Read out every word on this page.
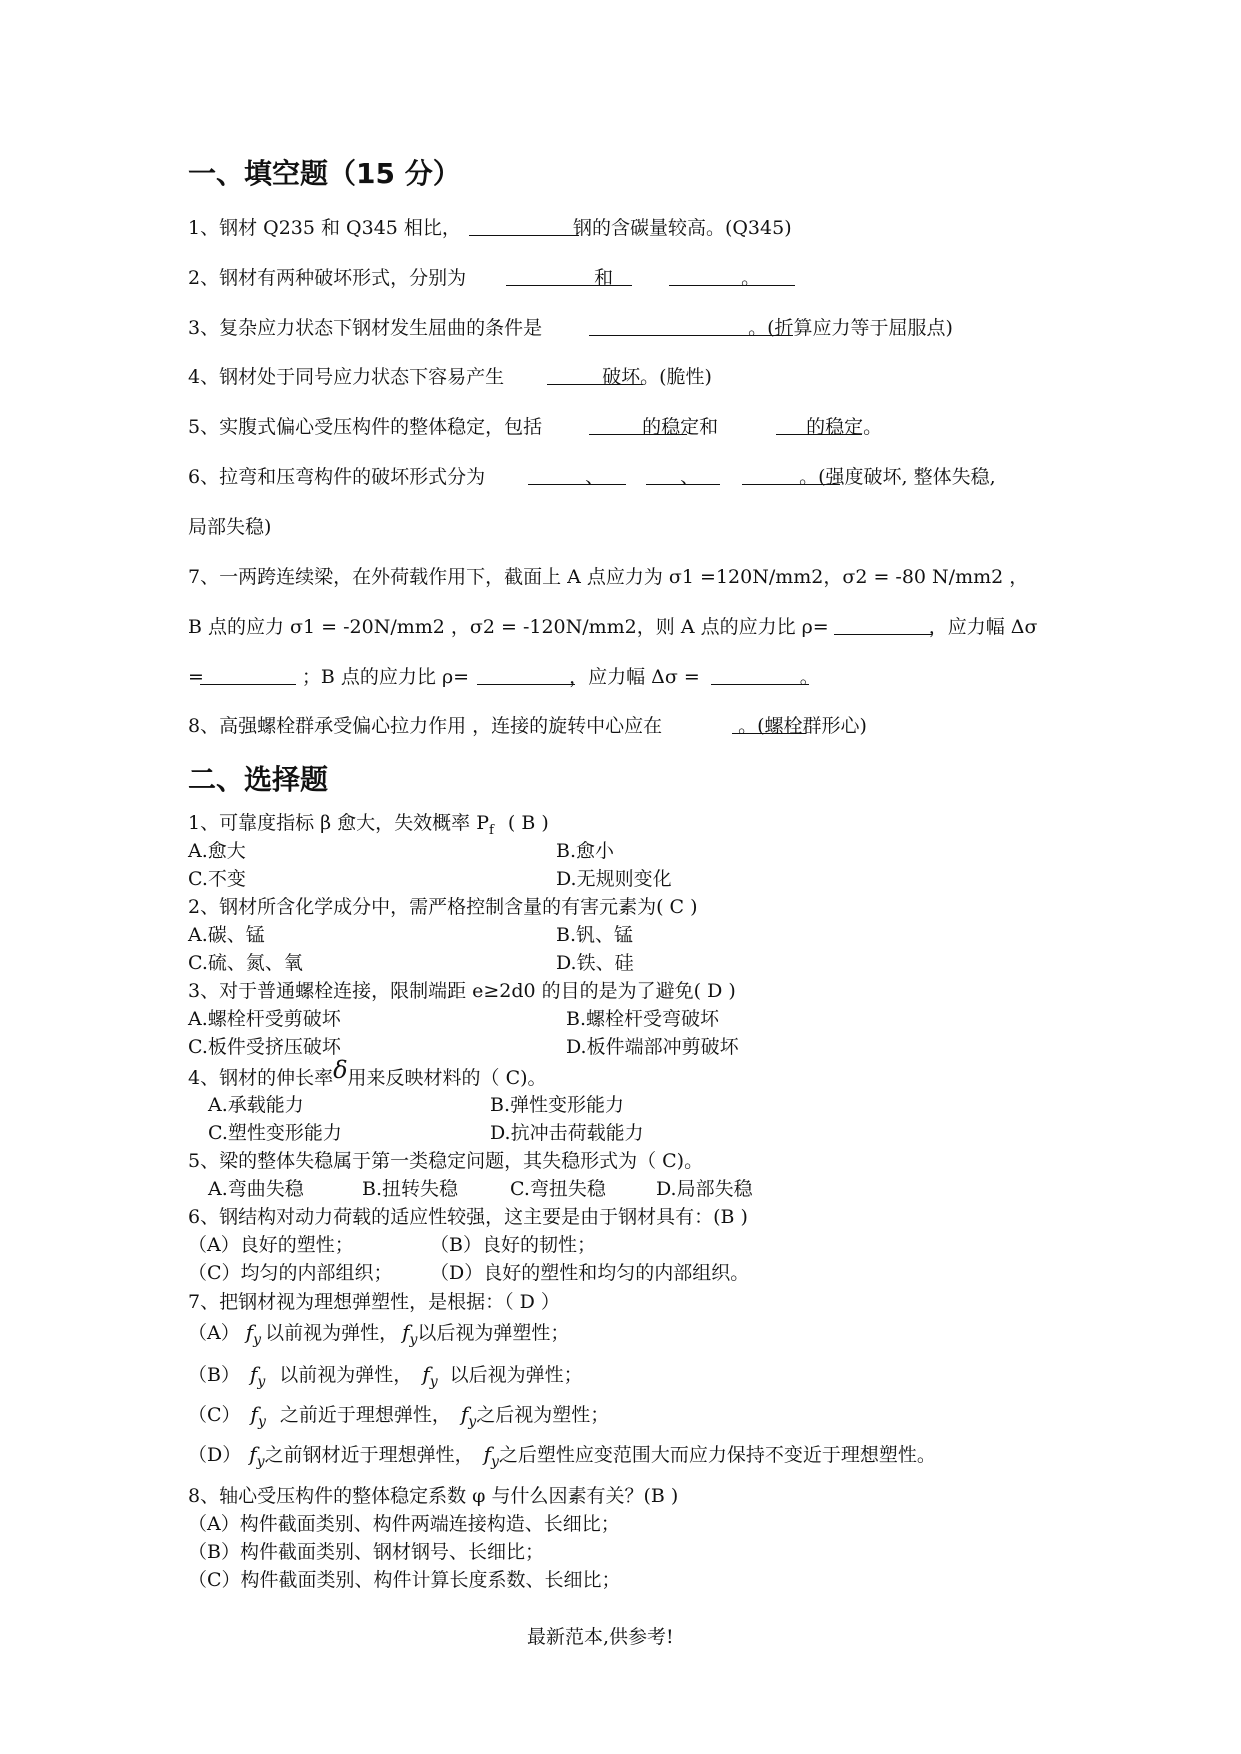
一、填空题（15 分）
1、钢材 Q235 和 Q345 相比，	钢的含碳量较高。(Q345)
2、钢材有两种破坏形式，分别为	和	。
3、复杂应力状态下钢材发生屈曲的条件是	。(折算应力等于屈服点)
4、钢材处于同号应力状态下容易产生	破坏。(脆性)
5、实腹式偏心受压构件的整体稳定，包括	的稳定和	的稳定。
6、拉弯和压弯构件的破坏形式分为	、	、	。(强度破坏, 整体失稳,
局部失稳)
7、一两跨连续梁，在外荷载作用下，截面上 A 点应力为 σ1 =120N/mm2，σ2 = -80 N/mm2 ，
B 点的应力 σ1 = -20N/mm2 ，σ2 = -120N/mm2，则 A 点的应力比 ρ=	，应力幅 Δσ
=	；B 点的应力比 ρ=	，应力幅 Δσ =	。
8、高强螺栓群承受偏心拉力作用 ，连接的旋转中心应在	。(螺栓群形心)
二、选择题
1、可靠度指标 β 愈大，失效概率 $P_f$ ( B )
A.愈大	B.愈小
C.不变	D.无规则变化
2、钢材所含化学成分中，需严格控制含量的有害元素为( C )
A.碳、锰	B.钒、锰
C.硫、氮、氧	D.铁、硅
3、对于普通螺栓连接，限制端距 e≥2d0 的目的是为了避免( D )
A.螺栓杆受剪破坏	B.螺栓杆受弯破坏
C.板件受挤压破坏	D.板件端部冲剪破坏
4、钢材的伸长率δ用来反映材料的（ C)。
A.承载能力	B.弹性变形能力
C.塑性变形能力	D.抗冲击荷载能力
5、梁的整体失稳属于第一类稳定问题，其失稳形式为（ C)。
A.弯曲失稳	B.扭转失稳	C.弯扭失稳	D.局部失稳
6、钢结构对动力荷载的适应性较强，这主要是由于钢材具有：(B )
（A）良好的塑性；	（B）良好的韧性；
（C）均匀的内部组织； （D）良好的塑性和均匀的内部组织。
7、把钢材视为理想弹塑性，是根据：（ D ）
（A） $f_y$ 以前视为弹性， $f_y$以后视为弹塑性；
（B） $f_y$ 以前视为弹性， $f_y$ 以后视为弹性；
（C） $f_y$ 之前近于理想弹性， $f_y$之后视为塑性；
（D） $f_y$之前钢材近于理想弹性， $f_y$之后塑性应变范围大而应力保持不变近于理想塑性。
8、轴心受压构件的整体稳定系数 φ 与什么因素有关？(B )
（A）构件截面类别、构件两端连接构造、长细比；
（B）构件截面类别、钢材钢号、长细比；
（C）构件截面类别、构件计算长度系数、长细比；
最新范本,供参考!
